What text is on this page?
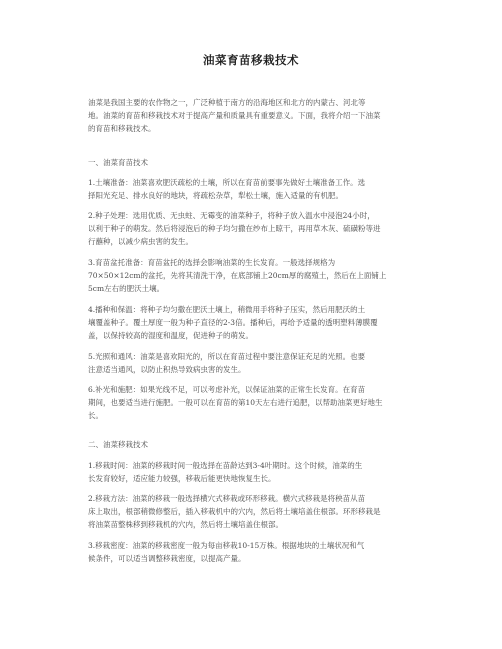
油菜育苗移栽技术

油菜是我国主要的农作物之一，广泛种植于南方的沿海地区和北方的内蒙古、河北等
地。油菜的育苗和移栽技术对于提高产量和质量具有重要意义。下面，我将介绍一下油菜
的育苗和移栽技术。

一、油菜育苗技术

1.土壤准备：油菜喜欢肥沃疏松的土壤，所以在育苗前要事先做好土壤准备工作。选
择阳光充足、排水良好的地块，将疏松杂草，犁松土壤，施入适量的有机肥。

2.种子处理：选用优质、无虫蛀、无霉变的油菜种子，将种子放入温水中浸泡24小时，
以利于种子的萌发。然后将浸泡后的种子均匀撒在纱布上晾干，再用草木灰、硫磺粉等进
行蘸种，以减少病虫害的发生。

3.育苗盆托准备：育苗盆托的选择会影响油菜的生长发育。一般选择规格为
70×50×12cm的盆托，先将其清洗干净，在底部铺上20cm厚的腐殖土，然后在上面铺上
5cm左右的肥沃土壤。

4.播种和保温：将种子均匀撒在肥沃土壤上，稍微用手将种子压实，然后用肥沃的土
壤覆盖种子。覆土厚度一般为种子直径的2-3倍。播种后，再给予适量的透明塑料薄膜覆
盖，以保持较高的湿度和温度，促进种子的萌发。

5.光照和通风：油菜是喜欢阳光的，所以在育苗过程中要注意保证充足的光照。也要
注意适当通风，以防止积热导致病虫害的发生。

6.补光和施肥：如果光线不足，可以考虑补光，以保证油菜的正常生长发育。在育苗
期间，也要适当进行施肥。一般可以在育苗的第10天左右进行追肥，以帮助油菜更好地生
长。

二、油菜移栽技术

1.移栽时间：油菜的移栽时间一般选择在苗龄达到3-4叶期时。这个时候，油菜的生
长发育较好，适应能力较强，移栽后能更快地恢复生长。

2.移栽方法：油菜的移栽一般选择横穴式移栽或环形移栽。横穴式移栽是将秧苗从苗
床上取出，根部稍微修整后，插入移栽机中的穴内，然后将土壤培盖住根部。环形移栽是
将油菜苗整株移到移栽机的穴内，然后将土壤培盖住根部。

3.移栽密度：油菜的移栽密度一般为每亩移栽10-15万株。根据地块的土壤状况和气
候条件，可以适当调整移栽密度，以提高产量。
